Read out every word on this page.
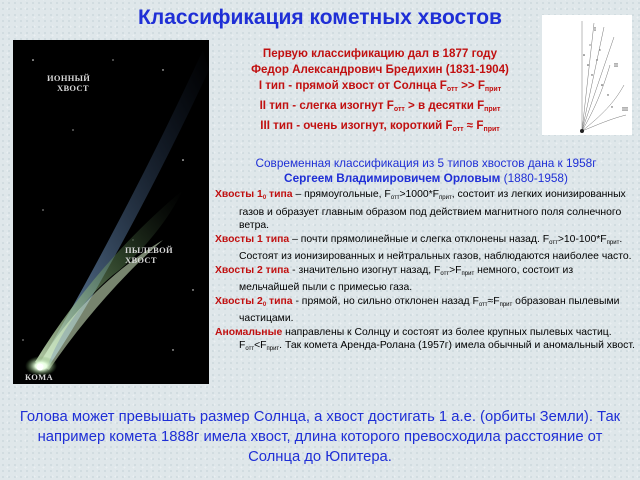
Классификация кометных хвостов
ИОННЫЙ
ХВОСТ
ПЫЛЕВОЙ
ХВОСТ
КОМА
I
II
III
Первую классификацию дал в 1877 году
Федор Александрович Бредихин (1831-1904)
I тип - прямой хвост от Солнца $F_{отт} >> F_{прит}$
II тип - слегка изогнут $F_{отт} > в$ десятки $F_{прит}$
III тип - очень изогнут, короткий $F_{отт} \approx F_{прит}$
Современная классификация из 5 типов хвостов дана к 1958г
Сергеем Владимировичем Орловым (1880-1958)

Хвосты $1_0$ типа – прямоугольные, $F_{отт}>1000*F_{прит}$, состоит из легких ионизированных газов и образует главным образом под действием магнитного поля солнечного ветра.

Хвосты 1 типа – почти прямолинейные и слегка отклонены назад. $F_{отт}>10-100*F_{прит}$. Состоят из ионизированных и нейтральных газов, наблюдаются наиболее часто.

Хвосты 2 типа - значительно изогнут назад, $F_{отт}>F_{прит}$ немного, состоит из мельчайшей пыли с примесью газа.

Хвосты $2_0$ типа - прямой, но сильно отклонен назад $F_{отт}\approx F_{прит}$ образован пылевыми частицами.

Аномальные направлены к Солнцу и состоят из более крупных пылевых частиц. $F_{отт}<F_{прит}$. Так комета Аренда-Ролана (1957г) имела обычный и аномальный хвост.

Голова может превышать размер Солнца, а хвост достигать 1 а.е. (орбиты Земли). Так например комета 1888г имела хвост, длина которого превосходила расстояние от Солнца до Юпитера.
